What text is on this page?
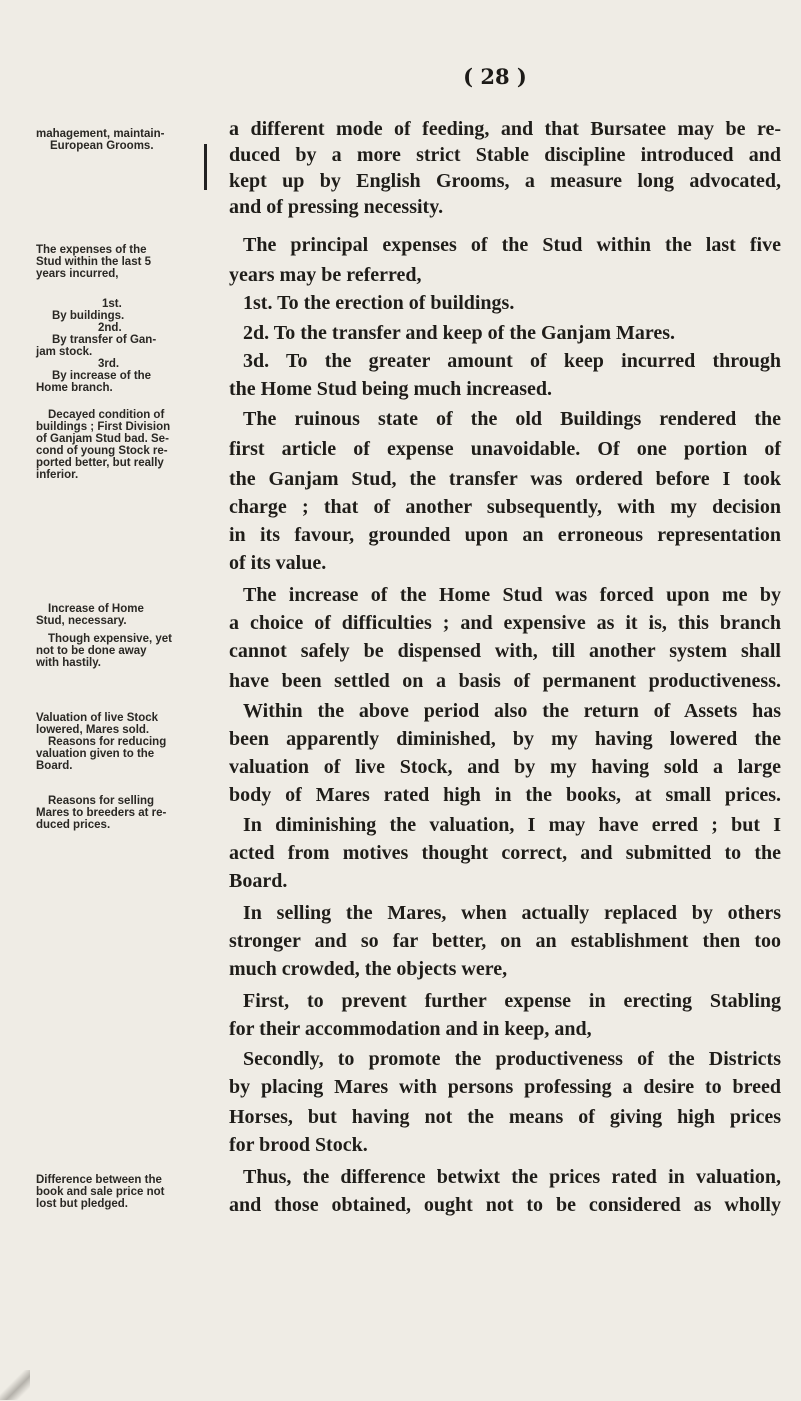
( 28 )
mahagement, maintain-
European Grooms.
The expenses of the
Stud within the last 5
years incurred,
1st.
By buildings.
2nd.
By transfer of Gan-
jam stock.
3rd.
By increase of the
Home branch.
Decayed condition of
buildings ; First Division
of Ganjam Stud bad. Se-
cond of young Stock re-
ported better, but really
inferior.
Increase of Home
Stud, necessary.
Though expensive, yet
not to be done away
with hastily.
Valuation of live Stock
lowered, Mares sold.
Reasons for reducing
valuation given to the
Board.
Reasons for selling
Mares to breeders at re-
duced prices.
Difference between the
book and sale price not
lost but pledged.
a different mode of feeding, and that Bursatee may be re-
duced by a more strict Stable discipline introduced and
kept up by English Grooms, a measure long advocated,
and of pressing necessity.
The principal expenses of the Stud within the last five
years may be referred,
1st. To the erection of buildings.
2d. To the transfer and keep of the Ganjam Mares.
3d. To the greater amount of keep incurred through
the Home Stud being much increased.
The ruinous state of the old Buildings rendered the
first article of expense unavoidable. Of one portion of
the Ganjam Stud, the transfer was ordered before I took
charge ; that of another subsequently, with my decision
in its favour, grounded upon an erroneous representation
of its value.
The increase of the Home Stud was forced upon me by
a choice of difficulties ; and expensive as it is, this branch
cannot safely be dispensed with, till another system shall
have been settled on a basis of permanent productiveness.
Within the above period also the return of Assets has
been apparently diminished, by my having lowered the
valuation of live Stock, and by my having sold a large
body of Mares rated high in the books, at small prices.
In diminishing the valuation, I may have erred ; but I
acted from motives thought correct, and submitted to the
Board.
In selling the Mares, when actually replaced by others
stronger and so far better, on an establishment then too
much crowded, the objects were,
First, to prevent further expense in erecting Stabling
for their accommodation and in keep, and,
Secondly, to promote the productiveness of the Districts
by placing Mares with persons professing a desire to breed
Horses, but having not the means of giving high prices
for brood Stock.
Thus, the difference betwixt the prices rated in valuation,
and those obtained, ought not to be considered as wholly
